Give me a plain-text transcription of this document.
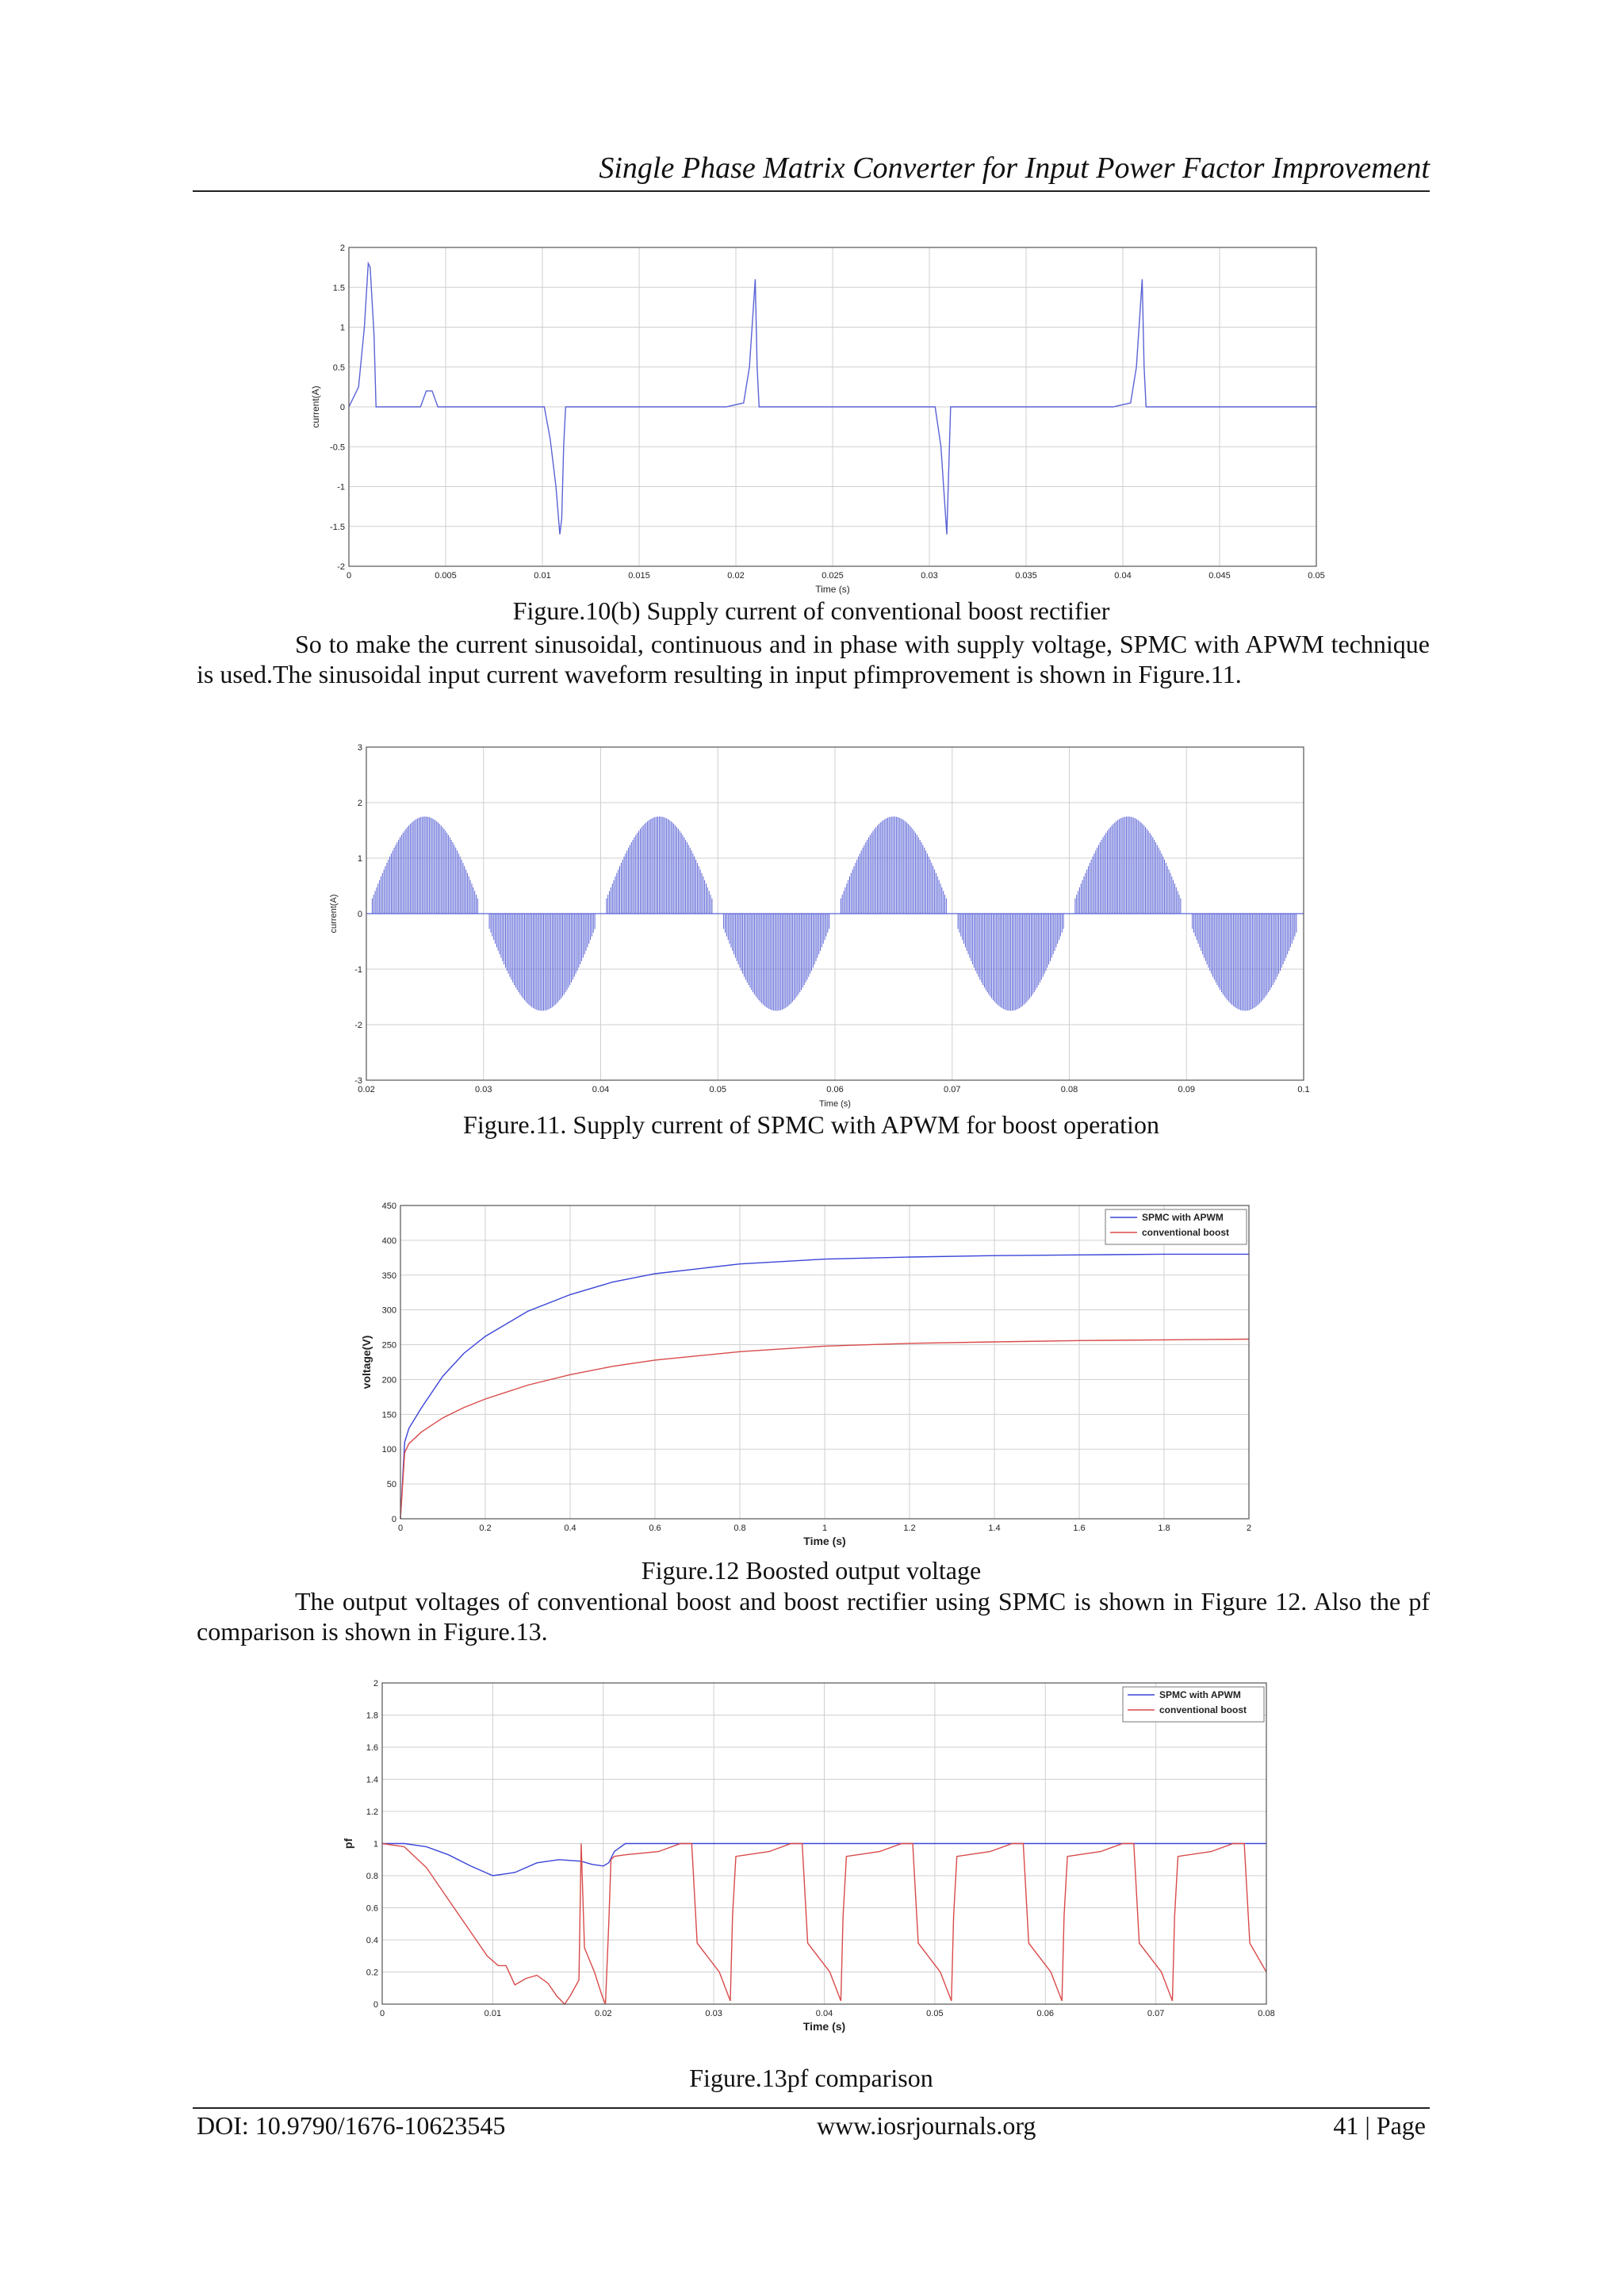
Single Phase Matrix Converter for Input Power Factor Improvement
0	0.005	0.01	0.015	0.02	0.025	0.03	0.035	0.04	0.045	0.05
-2
-1.5
-1
-0.5
0
0.5
1
1.5
2
Time (s)
current(A)
Figure.10(b) Supply current of conventional boost rectifier

So to make the current sinusoidal, continuous and in phase with supply voltage, SPMC with APWM technique is used.The sinusoidal input current waveform resulting in input pfimprovement is shown in Figure.11.

0.02	0.03	0.04	0.05	0.06	0.07	0.08	0.09	0.1
-3
-2
-1
0
1
2
3
Time (s)
current(A)
Figure.11. Supply current of SPMC with APWM for boost operation
0	0.2	0.4	0.6	0.8	1	1.2	1.4	1.6	1.8	2
0
50
100
150
200
250
300
350
400
450
Time (s)
voltage(V)
SPMC with APWM
conventional boost
Figure.12 Boosted output voltage

The output voltages of conventional boost and boost rectifier using SPMC is shown in Figure 12. Also the pf comparison is shown in Figure.13.

0	0.01	0.02	0.03	0.04	0.05	0.06	0.07	0.08
0
0.2
0.4
0.6
0.8
1
1.2
1.4
1.6
1.8
2
Time (s)
pf
SPMC with APWM
conventional boost
Figure.13pf comparison
DOI: 10.9790/1676-10623545	www.iosrjournals.org	41 | Page
